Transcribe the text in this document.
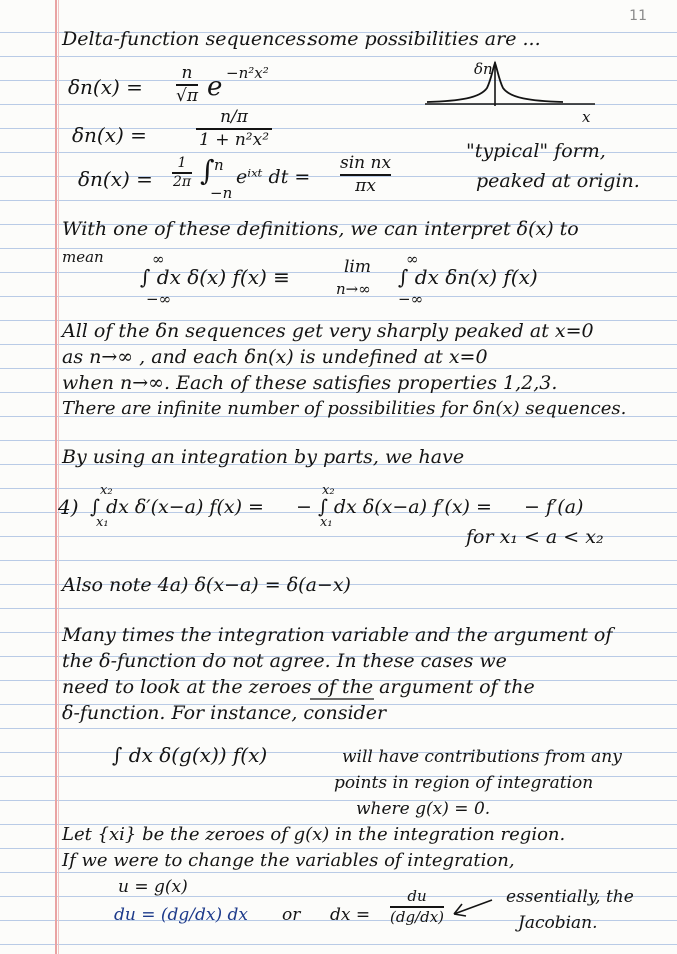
11
Delta-function sequences:
some possibilities are ...
δn(x) =
n
√π e −n²x²
δn(x) =
n/π
1 + n²x²
δn(x) =
1
2π ∫ n
−n
eⁱˣᵗ dt =
sin nx
πx
δn
x
"typical" form,
peaked at origin.
With one of these definitions, we can interpret δ(x) to
mean
∫ dx δ(x) f(x) ≡
∞
−∞
lim
n→∞ ∫ dx δn(x) f(x)
∞
−∞
All of the δn sequences get very sharply peaked at x=0
as n→∞ , and each δn(x) is undefined at x=0
when n→∞. Each of these satisfies properties 1,2,3.
There are infinite number of possibilities for δn(x) sequences.
By using an integration by parts, we have
4) ∫ dx δ′(x−a) f(x) =
x₂
x₁
− ∫ dx δ(x−a) f′(x) =
x₂
x₁
− f′(a)
for x₁ < a < x₂
Also note 4a) δ(x−a) = δ(a−x)
Many times the integration variable and the argument of
the δ-function do not agree. In these cases we
need to look at the zeroes of the argument of the
δ-function. For instance, consider
∫ dx δ(g(x)) f(x)	will have contributions from any
points in region of integration
where g(x) = 0.
Let {xi} be the zeroes of g(x) in the integration region.
If we were to change the variables of integration,
u = g(x)
du = (dg/dx) dx or dx =
du
(dg/dx)
essentially, the
Jacobian.
